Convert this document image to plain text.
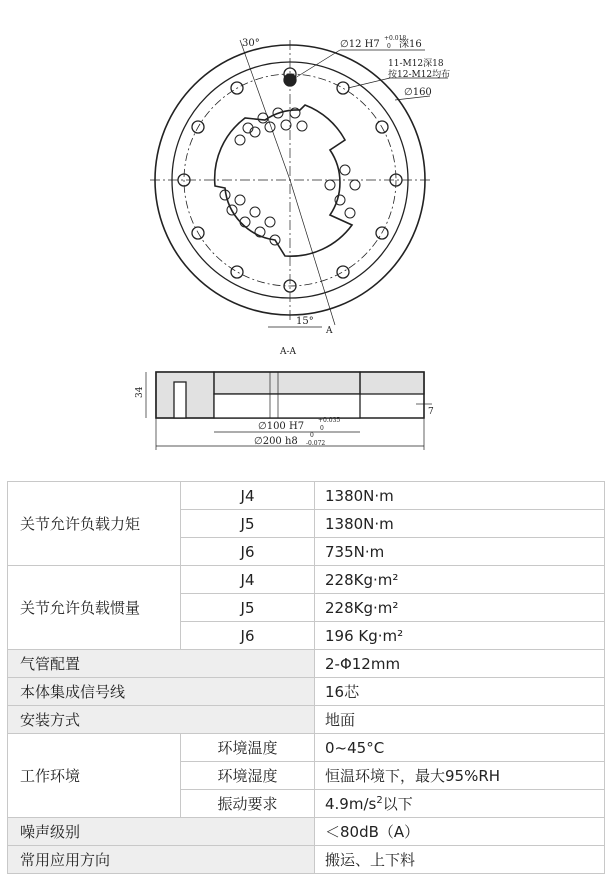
30°	∅12 H7
+0.018
0 深16
11-M12深18
按12-M12均布
∅160
15°
A
A-A
34
7
∅100 H7
+0.035
0
∅200 h8
0
-0.072
关节允许负载力矩	J4	1380N·m
	J5	1380N·m
	J6	735N·m
关节允许负载惯量	J4	228Kg·m²
	J5	228Kg·m²
	J6	196 Kg·m²
气管配置		2-Φ12mm
本体集成信号线		16芯
安装方式		地面
工作环境	环境温度	0~45°C
	环境湿度	恒温环境下，最大95%RH
	振动要求	$4.9m/s^2$以下
噪声级别		＜80dB（A）
常用应用方向		搬运、上下料
